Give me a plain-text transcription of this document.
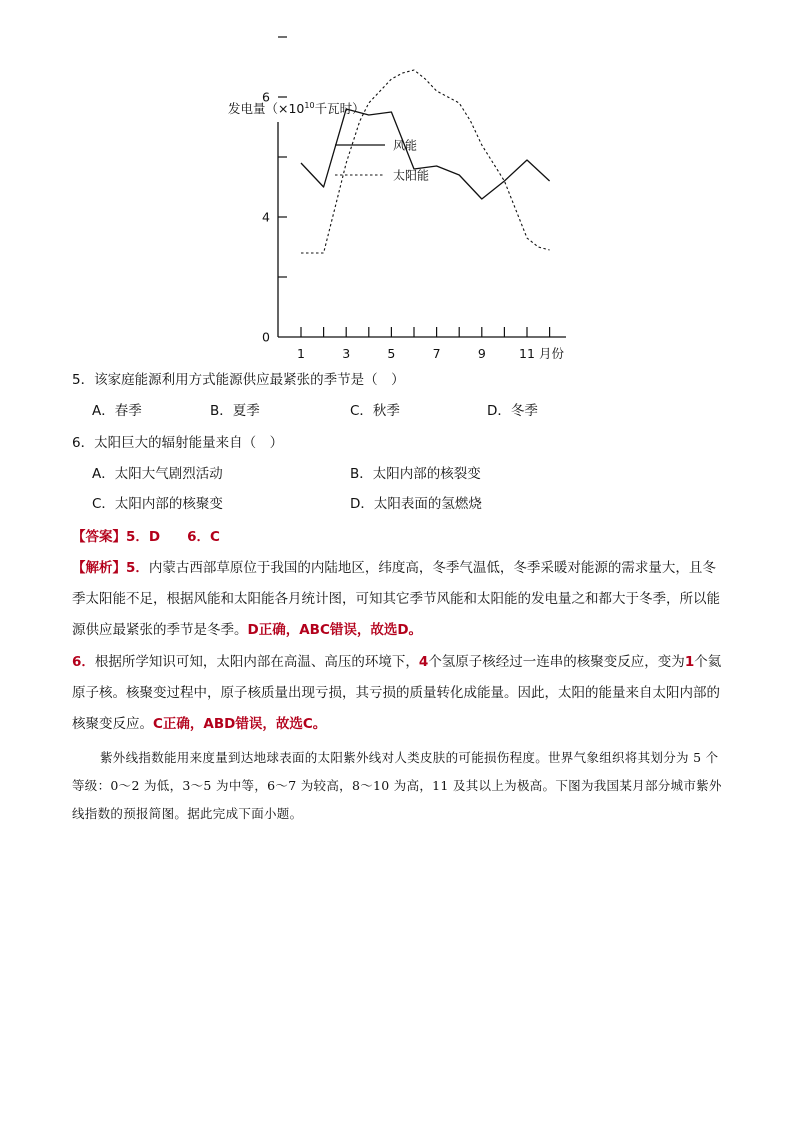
发电量（$\times 10^{10}$千瓦时）
0
4
6
1	3	5	7	9	11
风能
太阳能
月份
5．该家庭能源利用方式能源供应最紧张的季节是（　）
A．春季	B．夏季	C．秋季	D．冬季
6．太阳巨大的辐射能量来自（　）
A．太阳大气剧烈活动	B．太阳内部的核裂变
C．太阳内部的核聚变	D．太阳表面的氢燃烧
【答案】5．D　　6．C
【解析】5．内蒙古西部草原位于我国的内陆地区，纬度高，冬季气温低，冬季采暖对能源的需求量大，且冬季太阳能不足，根据风能和太阳能各月统计图，可知其它季节风能和太阳能的发电量之和都大于冬季，所以能源供应最紧张的季节是冬季。D正确，ABC错误，故选D。
6．根据所学知识可知，太阳内部在高温、高压的环境下，4个氢原子核经过一连串的核聚变反应，变为1个氦原子核。核聚变过程中，原子核质量出现亏损，其亏损的质量转化成能量。因此，太阳的能量来自太阳内部的核聚变反应。C正确，ABD错误，故选C。
紫外线指数能用来度量到达地球表面的太阳紫外线对人类皮肤的可能损伤程度。世界气象组织将其划分为 5 个等级：0～2 为低，3～5 为中等，6～7 为较高，8～10 为高，11 及其以上为极高。下图为我国某月部分城市紫外线指数的预报简图。据此完成下面小题。
